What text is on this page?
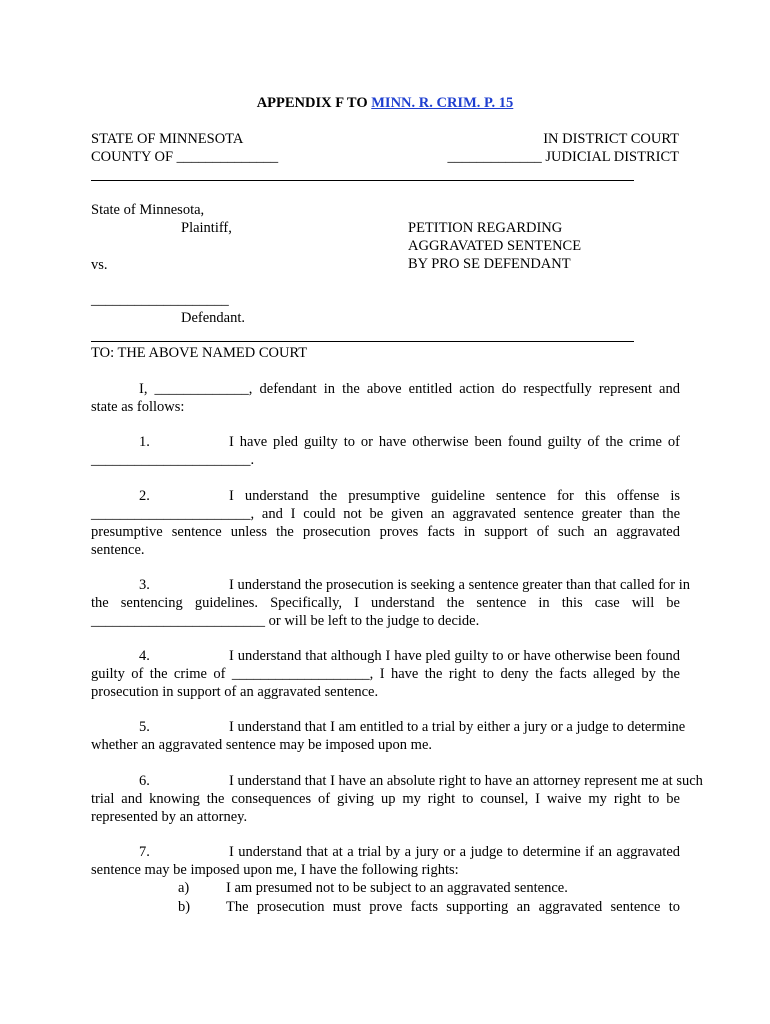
APPENDIX F TO MINN. R. CRIM. P. 15
STATE OF MINNESOTA
COUNTY OF ______________
IN DISTRICT COURT
_____________ JUDICIAL DISTRICT
State of Minnesota,
Plaintiff,
vs.
PETITION REGARDING
AGGRAVATED SENTENCE
BY PRO SE DEFENDANT
___________________
Defendant.
TO: THE ABOVE NAMED COURT
I, _____________, defendant in the above entitled action do respectfully represent and
state as follows:
1.	I have pled guilty to or have otherwise been found guilty of the crime of
______________________.
2.	I understand the presumptive guideline sentence for this offense is
______________________, and I could not be given an aggravated sentence greater than the
presumptive sentence unless the prosecution proves facts in support of such an aggravated
sentence.
3.	I understand the prosecution is seeking a sentence greater than that called for in
the sentencing guidelines. Specifically, I understand the sentence in this case will be
________________________ or will be left to the judge to decide.
4.	I understand that although I have pled guilty to or have otherwise been found
guilty of the crime of ___________________, I have the right to deny the facts alleged by the
prosecution in support of an aggravated sentence.
5.	I understand that I am entitled to a trial by either a jury or a judge to determine
whether an aggravated sentence may be imposed upon me.
6.	I understand that I have an absolute right to have an attorney represent me at such
trial and knowing the consequences of giving up my right to counsel, I waive my right to be
represented by an attorney.
7.	I understand that at a trial by a jury or a judge to determine if an aggravated
sentence may be imposed upon me, I have the following rights:
a)	I am presumed not to be subject to an aggravated sentence.
b) The prosecution must prove facts supporting an aggravated sentence to
